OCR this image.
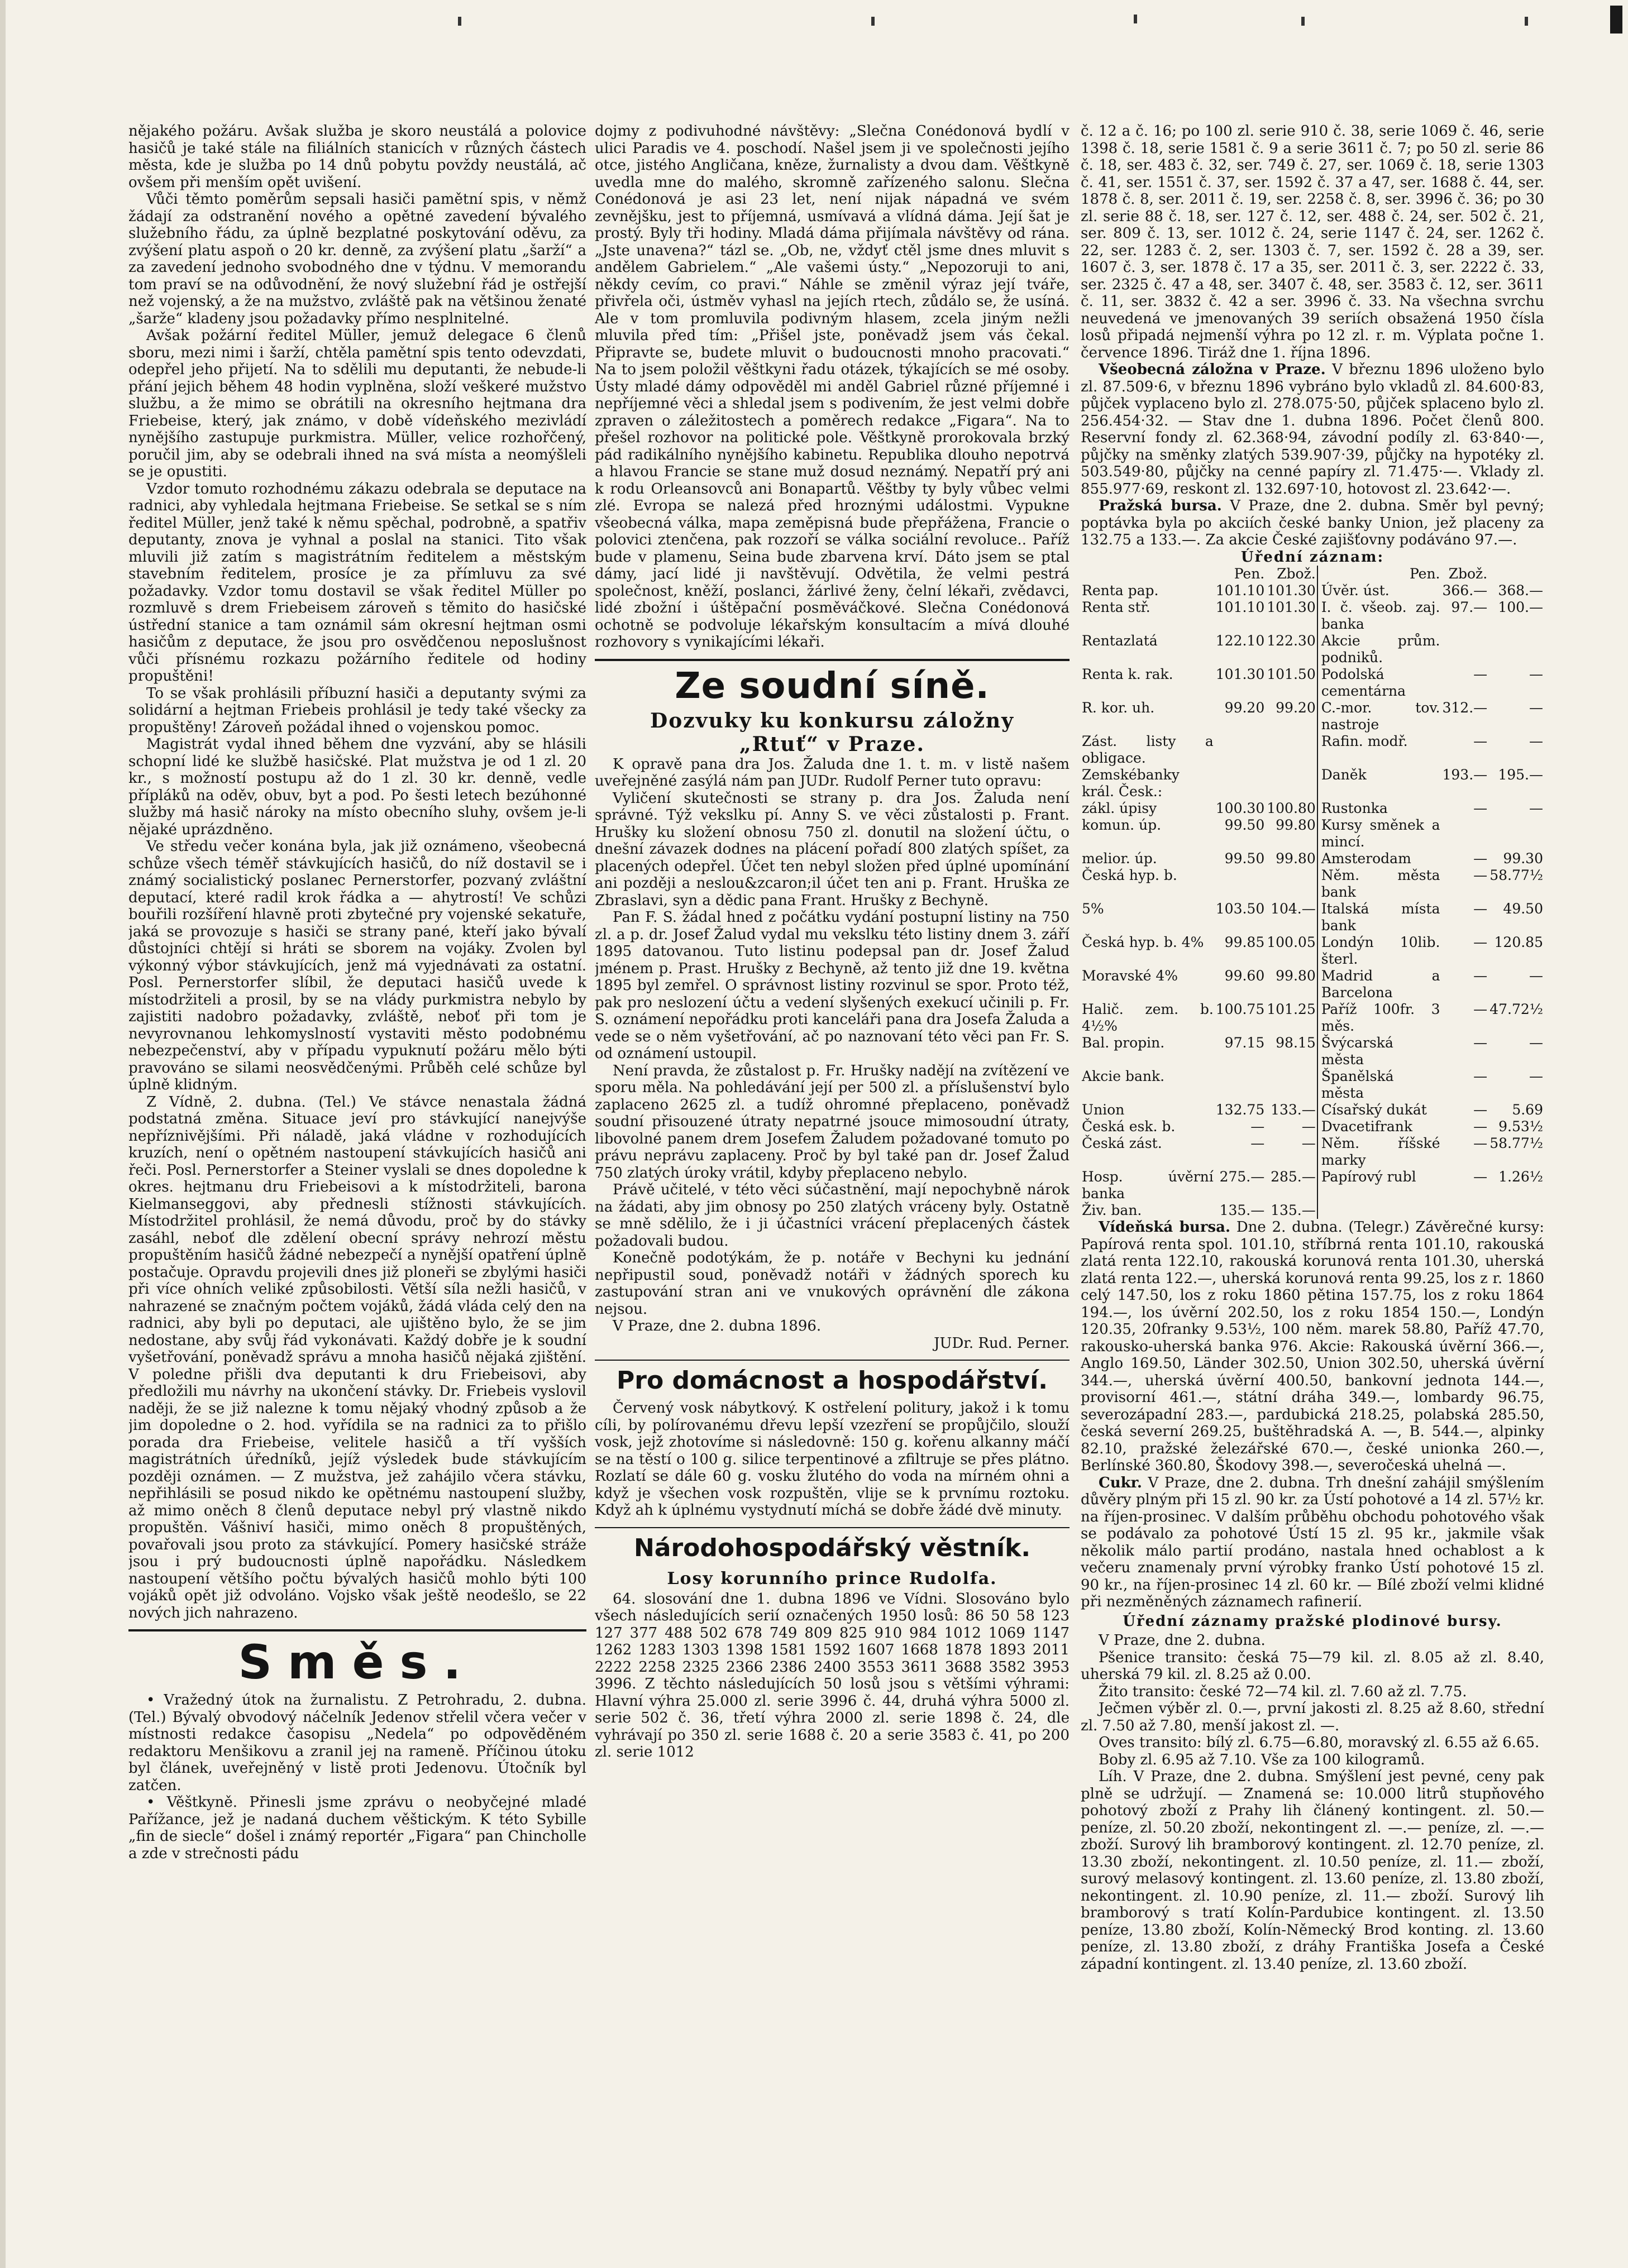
nějakého požáru. Avšak služba je skoro neustálá a polovice hasičů je také stále na filiálních stanicích v různých částech města, kde je služba po 14 dnů pobytu povždy neustálá, ač ovšem při menším opět uvišení.

Vůči těmto poměrům sepsali hasiči pamětní spis, v němž žádají za odstranění nového a opětné zavedení bývalého služebního řádu, za úplně bezplatné poskytování oděvu, za zvýšení platu aspoň o 20 kr. denně, za zvýšení platu „šarží“ a za zavedení jednoho svobodného dne v týdnu. V memorandu tom praví se na odůvodnění, že nový služební řád je ostřejší než vojenský, a že na mužstvo, zvláště pak na většinou ženaté „šarže“ kladeny jsou požadavky přímo nesplnitelné.

Avšak požární ředitel Müller, jemuž delegace 6 členů sboru, mezi nimi i šarží, chtěla pamětní spis tento odevzdati, odepřel jeho přijetí. Na to sdělili mu deputanti, že nebude-li přání jejich během 48 hodin vyplněna, složí veškeré mužstvo službu, a že mimo se obrátili na okresního hejtmana dra Friebeise, který, jak známo, v době vídeňského mezivládí nynějšího zastupuje purkmistra. Müller, velice rozhořčený, poručil jim, aby se odebrali ihned na svá místa a neomýšleli se je opustiti.

Vzdor tomuto rozhodnému zákazu odebrala se deputace na radnici, aby vyhledala hejtmana Friebeise. Se setkal se s ním ředitel Müller, jenž také k němu spěchal, podrobně, a spatřiv deputanty, znova je vyhnal a poslal na stanici. Tito však mluvili již zatím s magistrátním ředitelem a městským stavebním ředitelem, prosíce je za přímluvu za své požadavky. Vzdor tomu dostavil se však ředitel Müller po rozmluvě s drem Friebeisem zároveň s těmito do hasičské ústřední stanice a tam oznámil sám okresní hejtman osmi hasičům z deputace, že jsou pro osvědčenou neposlušnost vůči přísnému rozkazu požárního ředitele od hodiny propuštěni!

To se však prohlásili příbuzní hasiči a deputanty svými za solidární a hejtman Friebeis prohlásil je tedy také všecky za propuštěny! Zároveň požádal ihned o vojenskou pomoc.

Magistrát vydal ihned během dne vyzvání, aby se hlásili schopní lidé ke službě hasičské. Plat mužstva je od 1 zl. 20 kr., s možností postupu až do 1 zl. 30 kr. denně, vedle přípláků na oděv, obuv, byt a pod. Po šesti letech bezúhonné služby má hasič nároky na místo obecního sluhy, ovšem je-li nějaké uprázdněno.

Ve středu večer konána byla, jak již oznámeno, všeobecná schůze všech téměř stávkujících hasičů, do níž dostavil se i známý socialistický poslanec Pernerstorfer, pozvaný zvláštní deputací, které radil krok řádka a — ahytrostí! Ve schůzi bouřili rozšíření hlavně proti zbytečné pry vojenské sekatuře, jaká se provozuje s hasiči se strany pané, kteří jako bývalí důstojníci chtějí si hráti se sborem na vojáky. Zvolen byl výkonný výbor stávkujících, jenž má vyjednávati za ostatní. Posl. Pernerstorfer slíbil, že deputaci hasičů uvede k místodržiteli a prosil, by se na vlády purkmistra nebylo by zajistiti nadobro požadavky, zvláště, neboť při tom je nevyrovnanou lehkomyslností vystaviti město podobnému nebezpečenství, aby v případu vypuknutí požáru mělo býti pravováno se silami neosvědčenými. Průběh celé schůze byl úplně klidným.

Z Vídně, 2. dubna. (Tel.) Ve stávce nenastala žádná podstatná změna. Situace jeví pro stávkující nanejvýše nepříznivějšími. Při náladě, jaká vládne v rozhodujících kruzích, není o opětném nastoupení stávkujících hasičů ani řeči. Posl. Pernerstorfer a Steiner vyslali se dnes dopoledne k okres. hejtmanu dru Friebeisovi a k místodržiteli, barona Kielmanseggovi, aby přednesli stížnosti stávkujících. Místodržitel prohlásil, že nemá důvodu, proč by do stávky zasáhl, neboť dle zdělení obecní správy nehrozí městu propuštěním hasičů žádné nebezpečí a nynější opatření úplně postačuje. Opravdu projevili dnes již ploneři se zbylými hasiči při více ohních veliké způsobilosti. Větší síla nežli hasičů, v nahrazené se značným počtem vojáků, žádá vláda celý den na radnici, aby byli po deputaci, ale ujištěno bylo, že se jim nedostane, aby svůj řád vykonávati. Každý dobře je k soudní vyšetřování, poněvadž správu a mnoha hasičů nějaká zjištění. V poledne přišli dva deputanti k dru Friebeisovi, aby předložili mu návrhy na ukončení stávky. Dr. Friebeis vyslovil naději, že se již nalezne k tomu nějaký vhodný způsob a že jim dopoledne o 2. hod. vyřídila se na radnici za to přišlo porada dra Friebeise, velitele hasičů a tří vyšších magistrátních úředníků, jejíž výsledek bude stávkujícím později oznámen. — Z mužstva, jež zahájilo včera stávku, nepřihlásili se posud nikdo ke opětnému nastoupení služby, až mimo oněch 8 členů deputace nebyl prý vlastně nikdo propuštěn. Vášniví hasiči, mimo oněch 8 propuštěných, povařovali jsou proto za stávkující. Pomery hasičské stráže jsou i prý budoucnosti úplně napořádku. Následkem nastoupení většího počtu bývalých hasičů mohlo býti 100 vojáků opět již odvoláno. Vojsko však ještě neodešlo, se 22 nových jich nahrazeno.

Směs.

• Vražedný útok na žurnalistu. Z Petrohradu, 2. dubna. (Tel.) Bývalý obvodový náčelník Jedenov střelil včera večer v místnosti redakce časopisu „Nedela“ po odpověděném redaktoru Menšikovu a zranil jej na rameně. Příčinou útoku byl článek, uveřejněný v listě proti Jedenovu. Útočník byl zatčen.

• Věštkyně. Přinesli jsme zprávu o neobyčejné mladé Pařížance, jež je nadaná duchem věštickým. K této Sybille „fin de siecle“ došel i známý reportér „Figara“ pan Chincholle a zde v strečnosti pádu

dojmy z podivuhodné návštěvy: „Slečna Conédonová bydlí v ulici Paradis ve 4. poschodí. Našel jsem ji ve společnosti jejího otce, jistého Angličana, kněze, žurnalisty a dvou dam. Věštkyně uvedla mne do malého, skromně zařízeného salonu. Slečna Conédonová je asi 23 let, není nijak nápadná ve svém zevnějšku, jest to příjemná, usmívavá a vlídná dáma. Její šat je prostý. Byly tři hodiny. Mladá dáma přijímala návštěvy od rána. „Jste unavena?“ tázl se. „Ob, ne, vždyť ctěl jsme dnes mluvit s andělem Gabrielem.“ „Ale vašemi ústy.“ „Nepozoruji to ani, někdy cevím, co pravi.“ Náhle se změnil výraz její tváře, přivřela oči, ústměv vyhasl na jejích rtech, zůdálo se, že usíná. Ale v tom promluvila podivným hlasem, zcela jiným nežli mluvila před tím: „Přišel jste, poněvadž jsem vás čekal. Připravte se, budete mluvit o budoucnosti mnoho pracovati.“ Na to jsem položil věštkyni řadu otázek, týkajících se mé osoby. Ústy mladé dámy odpověděl mi anděl Gabriel různé příjemné i nepříjemné věci a shledal jsem s podivením, že jest velmi dobře zpraven o záležitostech a poměrech redakce „Figara“. Na to přešel rozhovor na politické pole. Věštkyně prorokovala brzký pád radikálního nynějšího kabinetu. Republika dlouho nepotrvá a hlavou Francie se stane muž dosud neznámý. Nepatří prý ani k rodu Orleansovců ani Bonapartů. Věštby ty byly vůbec velmi zlé. Evropa se nalezá před hroznými událostmi. Vypukne všeobecná válka, mapa zeměpisná bude přepřážena, Francie o polovici ztenčena, pak rozzoří se válka sociální revoluce.. Paříž bude v plamenu, Seina bude zbarvena krví. Dáto jsem se ptal dámy, jací lidé ji navštěvují. Odvětila, že velmi pestrá společnost, kněží, poslanci, žárlivé ženy, čelní lékaři, zvědavci, lidé zbožní i úštěpační posměváčkové. Slečna Conédonová ochotně se podvoluje lékařským konsultacím a mívá dlouhé rozhovory s vynikajícími lékaři.

Ze soudní síně.
Dozvuky ku konkursu záložny
„Rtuť“ v Praze.

K opravě pana dra Jos. Žaluda dne 1. t. m. v listě našem uveřejněné zasýlá nám pan JUDr. Rudolf Perner tuto opravu:

Vyličení skutečnosti se strany p. dra Jos. Žaluda není správné. Týž vekslku pí. Anny S. ve věci zůstalosti p. Frant. Hrušky ku složení obnosu 750 zl. donutil na složení účtu, o dnešní závazek dodnes na plácení pořadí 800 zlatých spíšet, za placených odepřel. Účet ten nebyl složen před úplné upomínání ani později a neslou&zcaron;il účet ten ani p. Frant. Hruška ze Zbraslavi, syn a dědic pana Frant. Hrušky z Bechyně.

Pan F. S. žádal hned z počátku vydání postupní listiny na 750 zl. a p. dr. Josef Žalud vydal mu vekslku této listiny dnem 3. září 1895 datovanou. Tuto listinu podepsal pan dr. Josef Žalud jménem p. Prast. Hrušky z Bechyně, až tento již dne 19. května 1895 byl zemřel. O správnost listiny rozvinul se spor. Proto též, pak pro neslození účtu a vedení slyšených exekucí učinili p. Fr. S. oznámení nepořádku proti kanceláři pana dra Josefa Žaluda a vede se o něm vyšetřování, ač po naznovaní této věci pan Fr. S. od oznámení ustoupil.

Není pravda, že zůstalost p. Fr. Hrušky nadějí na zvítězení ve sporu měla. Na pohledávání její per 500 zl. a příslušenství bylo zaplaceno 2625 zl. a tudíž ohromné přeplaceno, poněvadž soudní přisouzené útraty nepatrné jsouce mimosoudní útraty, libovolné panem drem Josefem Žaludem požadované tomuto po právu neprávu zaplaceny. Proč by byl také pan dr. Josef Žalud 750 zlatých úroky vrátil, kdyby přeplaceno nebylo.

Právě učitelé, v této věci súčastnění, mají nepochybně nárok na žádati, aby jim obnosy po 250 zlatých vráceny byly. Ostatně se mně sdělilo, že i ji účastníci vrácení přeplacených částek požadovali budou.

Konečně podotýkám, že p. notáře v Bechyni ku jednání nepřipustil soud, poněvadž notáři v žádných sporech ku zastupování stran ani ve vnukových oprávnění dle zákona nejsou.

V Praze, dne 2. dubna 1896.

JUDr. Rud. Perner.
Pro domácnost a hospodářství.

Červený vosk nábytkový. K ostřelení politury, jakož i k tomu cíli, by polírovanému dřevu lepší vzezření se propůjčilo, slouží vosk, jejž zhotovíme si následovně: 150 g. kořenu alkanny máčí se na těstí o 100 g. silice terpentinové a zfiltruje se přes plátno. Rozlatí se dále 60 g. vosku žlutého do voda na mírném ohni a když je všechen vosk rozpuštěn, vlije se k prvnímu roztoku. Když ah k úplnému vystydnutí míchá se dobře žádé dvě minuty.

Národohospodářský věstník.
Losy korunního prince Rudolfa.

64. slosování dne 1. dubna 1896 ve Vídni. Slosováno bylo všech následujících serií označených 1950 losů: 86 50 58 123 127 377 488 502 678 749 809 825 910 984 1012 1069 1147 1262 1283 1303 1398 1581 1592 1607 1668 1878 1893 2011 2222 2258 2325 2366 2386 2400 3553 3611 3688 3582 3953 3996. Z těchto následujících 50 losů jsou s většími výhrami: Hlavní výhra 25.000 zl. serie 3996 č. 44, druhá výhra 5000 zl. serie 502 č. 36, třetí výhra 2000 zl. serie 1898 č. 24, dle vyhrávají po 350 zl. serie 1688 č. 20 a serie 3583 č. 41, po 200 zl. serie 1012

č. 12 a č. 16; po 100 zl. serie 910 č. 38, serie 1069 č. 46, serie 1398 č. 18, serie 1581 č. 9 a serie 3611 č. 7; po 50 zl. serie 86 č. 18, ser. 483 č. 32, ser. 749 č. 27, ser. 1069 č. 18, serie 1303 č. 41, ser. 1551 č. 37, ser. 1592 č. 37 a 47, ser. 1688 č. 44, ser. 1878 č. 8, ser. 2011 č. 19, ser. 2258 č. 8, ser. 3996 č. 36; po 30 zl. serie 88 č. 18, ser. 127 č. 12, ser. 488 č. 24, ser. 502 č. 21, ser. 809 č. 13, ser. 1012 č. 24, serie 1147 č. 24, ser. 1262 č. 22, ser. 1283 č. 2, ser. 1303 č. 7, ser. 1592 č. 28 a 39, ser. 1607 č. 3, ser. 1878 č. 17 a 35, ser. 2011 č. 3, ser. 2222 č. 33, ser. 2325 č. 47 a 48, ser. 3407 č. 48, ser. 3583 č. 12, ser. 3611 č. 11, ser. 3832 č. 42 a ser. 3996 č. 33. Na všechna svrchu neuvedená ve jmenovaných 39 seriích obsažená 1950 čísla losů připadá nejmenší výhra po 12 zl. r. m. Výplata počne 1. července 1896. Tiráž dne 1. října 1896.

Všeobecná záložna v Praze. V březnu 1896 uloženo bylo zl. 87.509·6, v březnu 1896 vybráno bylo vkladů zl. 84.600·83, půjček vyplaceno bylo zl. 278.075·50, půjček splaceno bylo zl. 256.454·32. — Stav dne 1. dubna 1896. Počet členů 800. Reservní fondy zl. 62.368·94, závodní podíly zl. 63·840·—, půjčky na směnky zlatých 539.907·39, půjčky na hypotéky zl. 503.549·80, půjčky na cenné papíry zl. 71.475·—. Vklady zl. 855.977·69, reskont zl. 132.697·10, hotovost zl. 23.642·—.

Pražská bursa. V Praze, dne 2. dubna. Směr byl pevný; poptávka byla po akciích české banky Union, jež placeny za 132.75 a 133.—. Za akcie České zajišťovny podáváno 97.—.

Úřední záznam:
	Pen.	Zbož.		Pen.	Zbož.	
Renta pap.	101.10	101.30		Úvěr. úst.	366.—	368.—
Renta stř.	101.10	101.30		I. č. všeob. zaj. banka	97.—	100.—
Rentazlatá	122.10	122.30		Akcie prům. podniků.		
Renta k. rak.	101.30	101.50		Podolská cementárna	—	—
R. kor. uh.	99.20	99.20		C.-mor. tov. nastroje	312.—	—
Zást. listy a obligace.				Rafin. modř.	—	—
Zemskébanky král. Česk.:				Daněk	193.—	195.—
zákl. úpisy	100.30	100.80		Rustonka	—	—
komun. úp.	99.50	99.80		Kursy směnek a mincí.		
melior. úp.	99.50	99.80		Amsterodam	—	99.30
Česká hyp. b.				Něm. města bank	—	58.77½
5%	103.50	104.—		Italská místa bank	—	49.50
Česká hyp. b. 4%	99.85	100.05		Londýn 10lib. šterl.	—	120.85
Moravské 4%	99.60	99.80		Madrid a Barcelona	—	—
Halič. zem. b. 4½%	100.75	101.25		Paříž 100fr. 3 měs.	—	47.72½
Bal. propin.	97.15	98.15		Švýcarská města	—	—
Akcie bank.				Španělská města	—	—
Union	132.75	133.—		Císařský dukát	—	5.69
Česká esk. b.	—	—		Dvacetifrank	—	9.53½
Česká zást.	—	—		Něm. říšské marky	—	58.77½
Hosp. úvěrní banka	275.—	285.—		Papírový rubl	—	1.26½
Živ. ban.	135.—	135.—				

Vídeňská bursa. Dne 2. dubna. (Telegr.) Závěrečné kursy: Papírová renta spol. 101.10, stříbrná renta 101.10, rakouská zlatá renta 122.10, rakouská korunová renta 101.30, uherská zlatá renta 122.—, uherská korunová renta 99.25, los z r. 1860 celý 147.50, los z roku 1860 pětina 157.75, los z roku 1864 194.—, los úvěrní 202.50, los z roku 1854 150.—, Londýn 120.35, 20franky 9.53½, 100 něm. marek 58.80, Paříž 47.70, rakousko-uherská banka 976. Akcie: Rakouská úvěrní 366.—, Anglo 169.50, Länder 302.50, Union 302.50, uherská úvěrní 344.—, uherská úvěrní 400.50, bankovní jednota 144.—, provisorní 461.—, státní dráha 349.—, lombardy 96.75, severozápadní 283.—, pardubická 218.25, polabská 285.50, česká severní 269.25, buštěhradská A. —, B. 544.—, alpinky 82.10, pražské železářské 670.—, české unionka 260.—, Berlínské 360.80, Škodovy 398.—, severočeská uhelná —.

Cukr. V Praze, dne 2. dubna. Trh dnešní zahájil smýšlením důvěry plným při 15 zl. 90 kr. za Ústí pohotové a 14 zl. 57½ kr. na říjen-prosinec. V dalším průběhu obchodu pohotového však se podávalo za pohotové Ústí 15 zl. 95 kr., jakmile však několik málo partií prodáno, nastala hned ochablost a k večeru znamenaly první výrobky franko Ústí pohotové 15 zl. 90 kr., na říjen-prosinec 14 zl. 60 kr. — Bílé zboží velmi klidné při nezměněných záznamech rafinerií.

Úřední záznamy pražské plodinové bursy.

V Praze, dne 2. dubna.

Pšenice transito: česká 75—79 kil. zl. 8.05 až zl. 8.40, uherská 79 kil. zl. 8.25 až 0.00.

Žito transito: české 72—74 kil. zl. 7.60 až zl. 7.75.

Ječmen výběr zl. 0.—, první jakosti zl. 8.25 až 8.60, střední zl. 7.50 až 7.80, menší jakost zl. —.

Oves transito: bílý zl. 6.75—6.80, moravský zl. 6.55 až 6.65.

Boby zl. 6.95 až 7.10. Vše za 100 kilogramů.

Líh. V Praze, dne 2. dubna. Smýšlení jest pevné, ceny pak plně se udržují. — Znamená se: 10.000 litrů stupňového pohotový zboží z Prahy lih článený kontingent. zl. 50.— peníze, zl. 50.20 zboží, nekontingent zl. —.— peníze, zl. —.— zboží. Surový lih bramborový kontingent. zl. 12.70 peníze, zl. 13.30 zboží, nekontingent. zl. 10.50 peníze, zl. 11.— zboží, surový melasový kontingent. zl. 13.60 peníze, zl. 13.80 zboží, nekontingent. zl. 10.90 peníze, zl. 11.— zboží. Surový lih bramborový s tratí Kolín-Pardubice kontingent. zl. 13.50 peníze, 13.80 zboží, Kolín-Německý Brod konting. zl. 13.60 peníze, zl. 13.80 zboží, z dráhy Františka Josefa a České západní kontingent. zl. 13.40 peníze, zl. 13.60 zboží.
